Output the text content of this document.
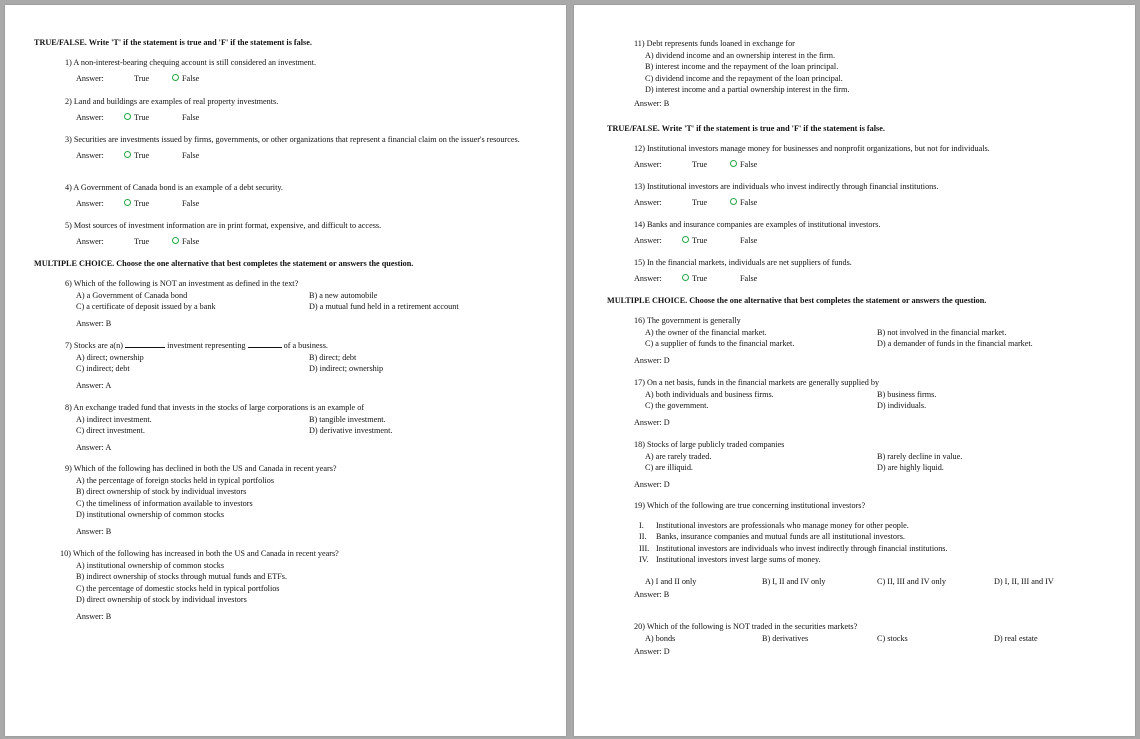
TRUE/FALSE. Write 'T' if the statement is true and 'F' if the statement is false.
1) A non-interest-bearing chequing account is still considered an investment.
Answer:	True	False
2) Land and buildings are examples of real property investments.
Answer:	True	False
3) Securities are investments issued by firms, governments, or other organizations that represent a financial claim on the issuer's resources.
Answer:	True	False
4) A Government of Canada bond is an example of a debt security.
Answer:	True	False
5) Most sources of investment information are in print format, expensive, and difficult to access.
Answer:	True	False
MULTIPLE CHOICE. Choose the one alternative that best completes the statement or answers the question.
6) Which of the following is NOT an investment as defined in the text?
A) a Government of Canada bond	B) a new automobile
C) a certificate of deposit issued by a bank	D) a mutual fund held in a retirement account
Answer: B
7) Stocks are a(n)	investment representing	of a business.
A) direct; ownership	B) direct; debt
C) indirect; debt	D) indirect; ownership
Answer: A
8) An exchange traded fund that invests in the stocks of large corporations is an example of
A) indirect investment.	B) tangible investment.
C) direct investment.	D) derivative investment.
Answer: A
9) Which of the following has declined in both the US and Canada in recent years?
A) the percentage of foreign stocks held in typical portfolios
B) direct ownership of stock by individual investors
C) the timeliness of information available to investors
D) institutional ownership of common stocks
Answer: B
10) Which of the following has increased in both the US and Canada in recent years?
A) institutional ownership of common stocks
B) indirect ownership of stocks through mutual funds and ETFs.
C) the percentage of domestic stocks held in typical portfolios
D) direct ownership of stock by individual investors
Answer: B
11) Debt represents funds loaned in exchange for
A) dividend income and an ownership interest in the firm.
B) interest income and the repayment of the loan principal.
C) dividend income and the repayment of the loan principal.
D) interest income and a partial ownership interest in the firm.
Answer: B
TRUE/FALSE. Write 'T' if the statement is true and 'F' if the statement is false.
12) Institutional investors manage money for businesses and nonprofit organizations, but not for individuals.
Answer:	True	False
13) Institutional investors are individuals who invest indirectly through financial institutions.
Answer:	True	False
14) Banks and insurance companies are examples of institutional investors.
Answer:	True	False
15) In the financial markets, individuals are net suppliers of funds.
Answer:	True	False
MULTIPLE CHOICE. Choose the one alternative that best completes the statement or answers the question.
16) The government is generally
A) the owner of the financial market.	B) not involved in the financial market.
C) a supplier of funds to the financial market.	D) a demander of funds in the financial market.
Answer: D
17) On a net basis, funds in the financial markets are generally supplied by
A) both individuals and business firms.	B) business firms.
C) the government.	D) individuals.
Answer: D
18) Stocks of large publicly traded companies
A) are rarely traded.	B) rarely decline in value.
C) are illiquid.	D) are highly liquid.
Answer: D
19) Which of the following are true concerning institutional investors?
I.	Institutional investors are professionals who manage money for other people.
II.	Banks, insurance companies and mutual funds are all institutional investors.
III. Institutional investors are individuals who invest indirectly through financial institutions.
IV. Institutional investors invest large sums of money.
A) I and II only	B) I, II and IV only	C) II, III and IV only	D) I, II, III and IV
Answer: B
20) Which of the following is NOT traded in the securities markets?
A) bonds	B) derivatives	C) stocks	D) real estate
Answer: D
